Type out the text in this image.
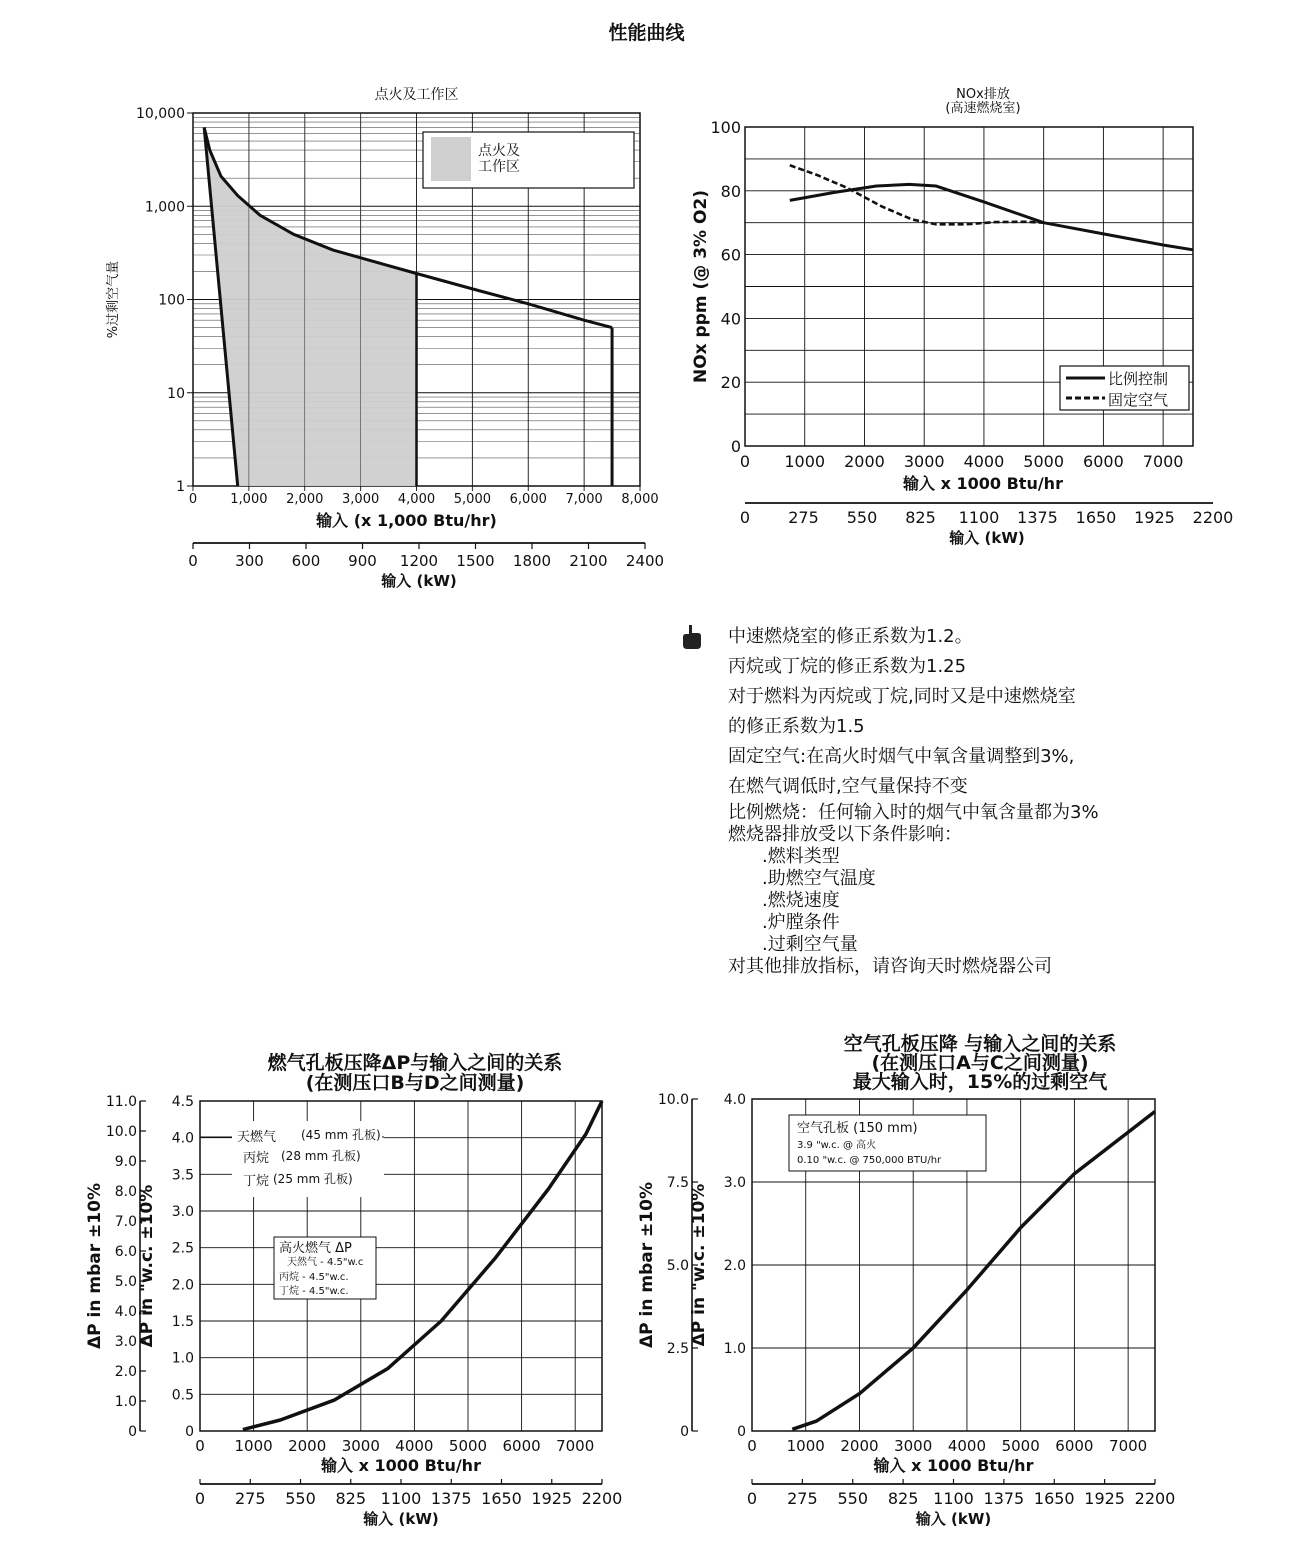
性能曲线
点火及工作区
1
10
100
1,000
10,000
0	1,000 2,000 3,000 4,000 5,000 6,000 7,000 8,000
点火及
工作区
%过剩空气量
输入 (x 1,000 Btu/hr)
0 300 600 900 1200 1500 1800 2100 2400
输入 (kW)
NOx排放
(高速燃烧室)
0
20
40
60
80
100
0 1000 2000 3000 4000 5000 6000 7000
比例控制
固定空气
NOx ppm (@ 3% O2)
输入 x 1000 Btu/hr
0 275 550 825 1100 1375 1650 1925 2200
输入 (kW)
燃气孔板压降ΔP与输入之间的关系
(在测压口B与D之间测量)
0
0.5
1.0
1.5
2.0
2.5
3.0
3.5
4.0
4.5
0 1000 2000 3000 4000 5000 6000 7000
0
1.0
2.0
3.0
4.0
5.0
6.0
7.0
8.0
9.0
10.0
11.0
ΔP in "w.c. ±10%
ΔP in mbar ±10%
输入 x 1000 Btu/hr
0 275 550 825 1100 1375 1650 1925 2200
输入 (kW)
天燃气
丙烷
丁烷
(45 mm 孔板)
(28 mm 孔板)
(25 mm 孔板)
高火燃气 ΔP
天然气 - 4.5"w.c
丙烷 - 4.5"w.c.
丁烷 - 4.5"w.c.
空气孔板压降 与输入之间的关系
(在测压口A与C之间测量)
最大输入时，15%的过剩空气
0
1.0
2.0
3.0
4.0
0 1000 2000 3000 4000 5000 6000 7000
0
2.5
5.0
7.5
10.0
ΔP in "w.c. ±10%
ΔP in mbar ±10%
输入 x 1000 Btu/hr
0 275 550 825 1100 1375 1650 1925 2200
输入 (kW)
空气孔板 (150 mm)
3.9 "w.c. @ 高火
0.10 "w.c. @ 750,000 BTU/hr
中速燃烧室的修正系数为1.2。
丙烷或丁烷的修正系数为1.25
对于燃料为丙烷或丁烷,同时又是中速燃烧室
的修正系数为1.5
固定空气:在高火时烟气中氧含量调整到3%,
在燃气调低时,空气量保持不变
比例燃烧：任何输入时的烟气中氧含量都为3%
燃烧器排放受以下条件影响：
.燃料类型
.助燃空气温度
.燃烧速度
.炉膛条件
.过剩空气量
对其他排放指标，请咨询天时燃烧器公司
